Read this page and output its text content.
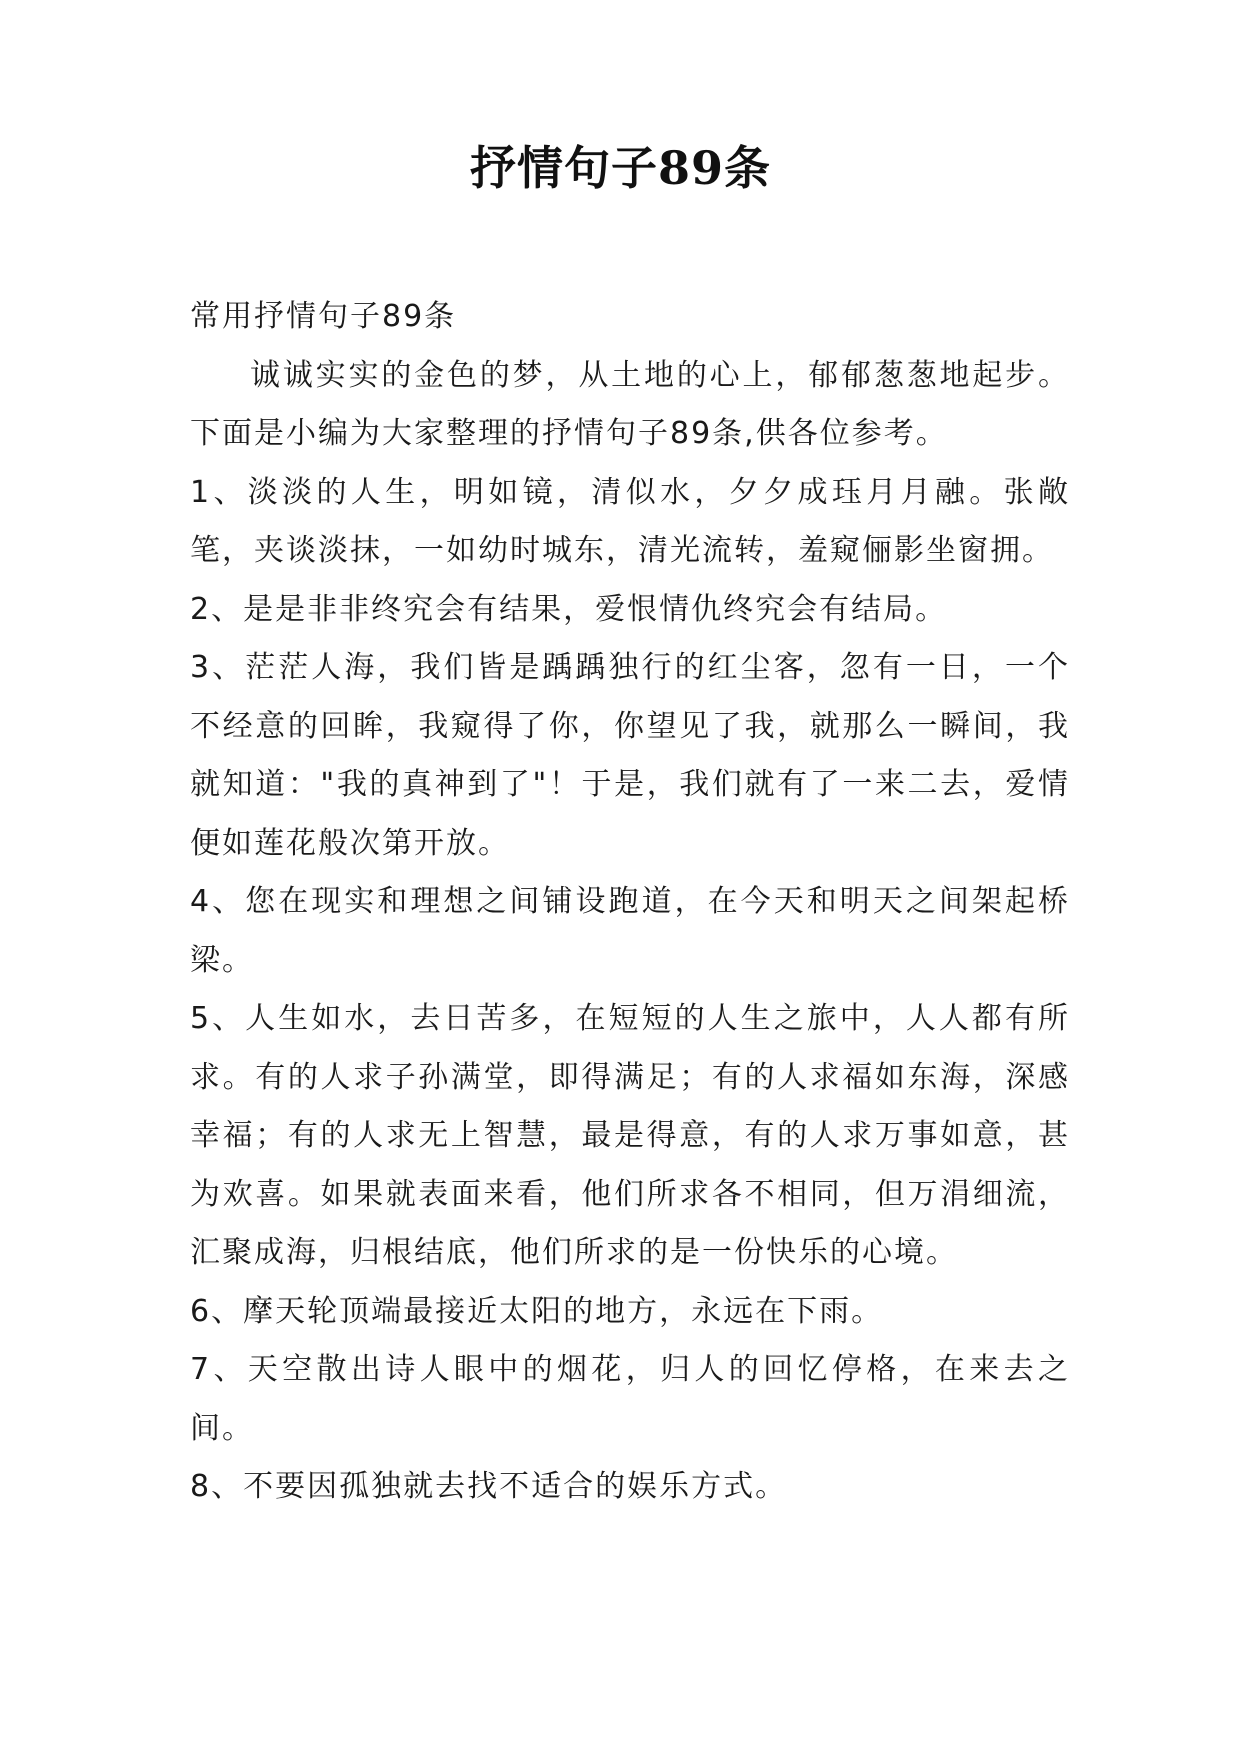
抒情句子89条

常用抒情句子89条

诚诚实实的金色的梦，从土地的心上，郁郁葱葱地起步。下面是小编为大家整理的抒情句子89条,供各位参考。

1、淡淡的人生，明如镜，清似水，夕夕成珏月月融。张敞笔，夹谈淡抹，一如幼时城东，清光流转，羞窥俪影坐窗拥。

2、是是非非终究会有结果，爱恨情仇终究会有结局。

3、茫茫人海，我们皆是踽踽独行的红尘客，忽有一日，一个不经意的回眸，我窥得了你，你望见了我，就那么一瞬间，我就知道："我的真神到了"！于是，我们就有了一来二去，爱情便如莲花般次第开放。

4、您在现实和理想之间铺设跑道，在今天和明天之间架起桥梁。

5、人生如水，去日苦多，在短短的人生之旅中，人人都有所求。有的人求子孙满堂，即得满足；有的人求福如东海，深感幸福；有的人求无上智慧，最是得意，有的人求万事如意，甚为欢喜。如果就表面来看，他们所求各不相同，但万涓细流，汇聚成海，归根结底，他们所求的是一份快乐的心境。

6、摩天轮顶端最接近太阳的地方，永远在下雨。

7、天空散出诗人眼中的烟花，归人的回忆停格，在来去之间。

8、不要因孤独就去找不适合的娱乐方式。
